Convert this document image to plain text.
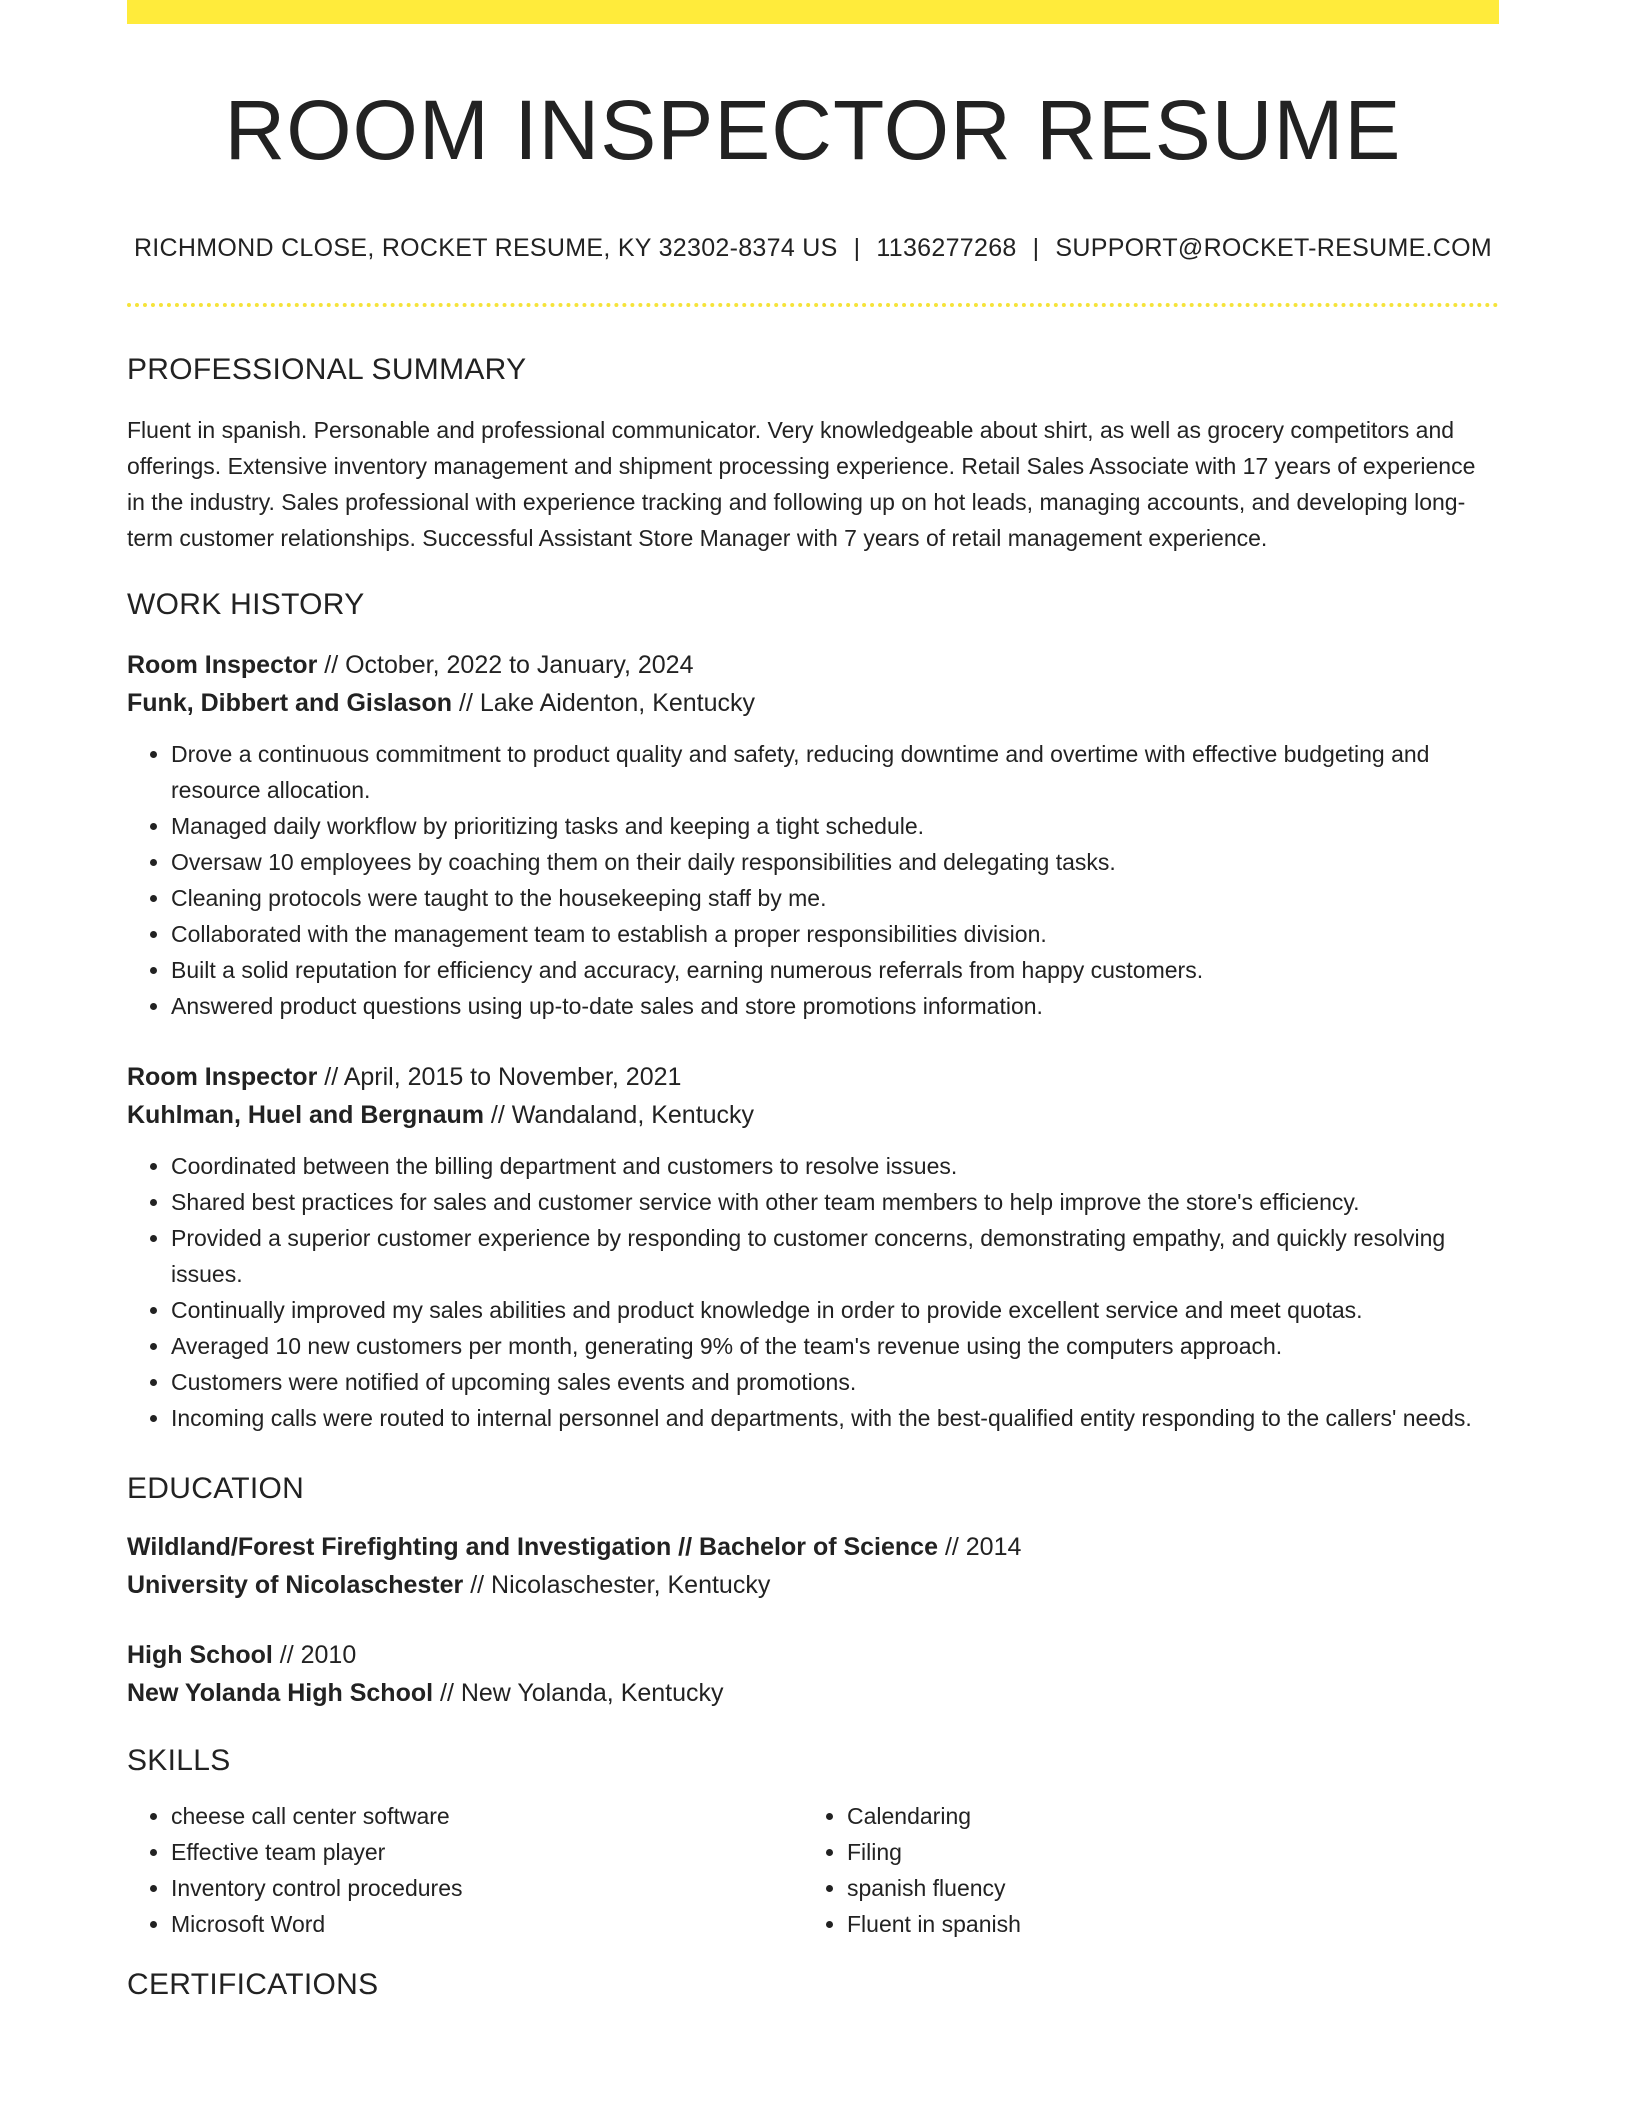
ROOM INSPECTOR RESUME
RICHMOND CLOSE, ROCKET RESUME, KY 32302-8374 US | 1136277268 | SUPPORT@ROCKET-RESUME.COM
PROFESSIONAL SUMMARY

Fluent in spanish. Personable and professional communicator. Very knowledgeable about shirt, as well as grocery competitors and offerings. Extensive inventory management and shipment processing experience. Retail Sales Associate with 17 years of experience in the industry. Sales professional with experience tracking and following up on hot leads, managing accounts, and developing long-term customer relationships. Successful Assistant Store Manager with 7 years of retail management experience.

WORK HISTORY
Room Inspector // October, 2022 to January, 2024
Funk, Dibbert and Gislason // Lake Aidenton, Kentucky
• Drove a continuous commitment to product quality and safety, reducing downtime and overtime with effective budgeting and resource allocation.
• Managed daily workflow by prioritizing tasks and keeping a tight schedule.
• Oversaw 10 employees by coaching them on their daily responsibilities and delegating tasks.
• Cleaning protocols were taught to the housekeeping staff by me.
• Collaborated with the management team to establish a proper responsibilities division.
• Built a solid reputation for efficiency and accuracy, earning numerous referrals from happy customers.
• Answered product questions using up-to-date sales and store promotions information.
Room Inspector // April, 2015 to November, 2021
Kuhlman, Huel and Bergnaum // Wandaland, Kentucky
• Coordinated between the billing department and customers to resolve issues.
• Shared best practices for sales and customer service with other team members to help improve the store's efficiency.
• Provided a superior customer experience by responding to customer concerns, demonstrating empathy, and quickly resolving issues.
• Continually improved my sales abilities and product knowledge in order to provide excellent service and meet quotas.
• Averaged 10 new customers per month, generating 9% of the team's revenue using the computers approach.
• Customers were notified of upcoming sales events and promotions.
• Incoming calls were routed to internal personnel and departments, with the best-qualified entity responding to the callers' needs.
EDUCATION
Wildland/Forest Firefighting and Investigation // Bachelor of Science // 2014
University of Nicolaschester // Nicolaschester, Kentucky
High School // 2010
New Yolanda High School // New Yolanda, Kentucky
SKILLS
• cheese call center software
• Effective team player
• Inventory control procedures
• Microsoft Word
• Calendaring
• Filing
• spanish fluency
• Fluent in spanish
CERTIFICATIONS
